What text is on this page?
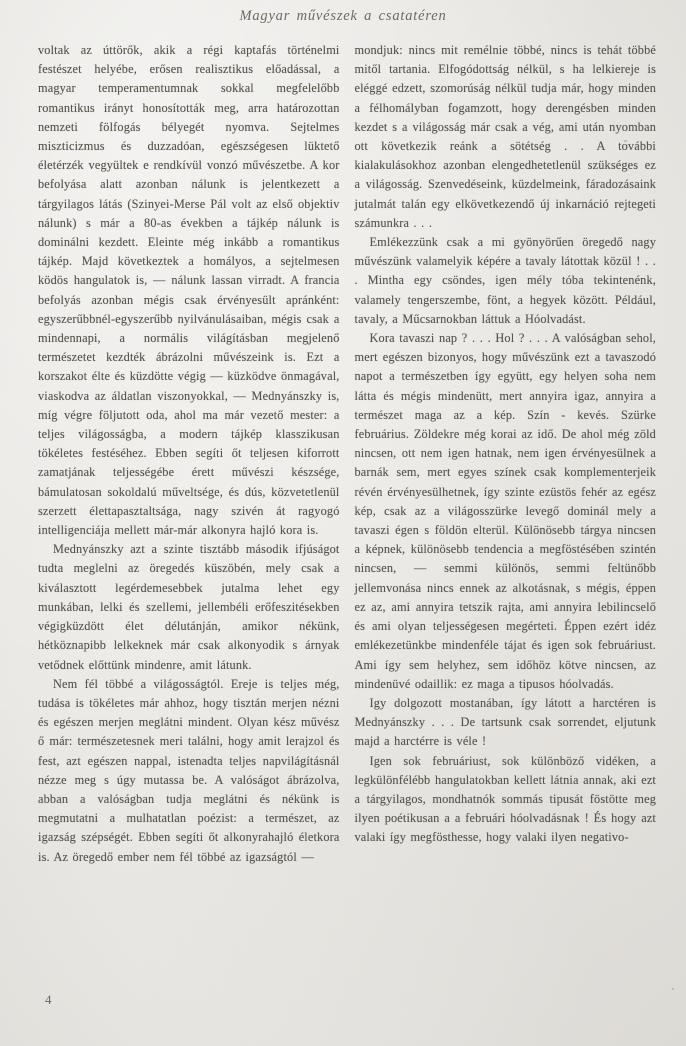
Magyar művészek a csatatéren

voltak az úttörők, akik a régi kaptafás történelmi festészet helyébe, erősen realisztikus előadással, a magyar temperamentumnak sokkal megfelelőbb romantikus irányt honosították meg, arra határozottan nemzeti fölfogás bélyegét nyomva. Sejtelmes miszticizmus és duzzadóan, egészségesen lüktető életérzék vegyültek e rendkívül vonzó művészetbe. A kor befolyása alatt azonban nálunk is jelentkezett a tárgyilagos látás (Szinyei-Merse Pál volt az első objektiv nálunk) s már a 80-as években a tájkép nálunk is dominálni kezdett. Eleinte még inkább a romantikus tájkép. Majd következtek a homályos, a sejtelmesen ködös hangulatok is, — nálunk lassan virradt. A francia befolyás azonban mégis csak érvényesült apránként: egyszerűbbnél-egyszerűbb nyilvánulásaiban, mégis csak a mindennapi, a normális világításban megjelenő természetet kezdték ábrázolni művészeink is. Ezt a korszakot élte és küzdötte végig — küzködve önmagával, viaskodva az áldatlan viszonyokkal, — Mednyánszky is, míg végre följutott oda, ahol ma már vezető mester: a teljes világosságba, a modern tájkép klasszikusan tökéletes festéséhez. Ebben segíti őt teljesen kiforrott zamatjának teljességébe érett művészi készsége, bámulatosan sokoldalú műveltsége, és dús, közvetetlenül szerzett élettapasztaltsága, nagy szivén át ragyogó intelligenciája mellett már-már alkonyra hajló kora is.

Mednyánszky azt a szinte tisztább második ifjúságot tudta meglelni az öregedés küszöbén, mely csak a kiválasztott legérdemesebbek jutalma lehet egy munkában, lelki és szellemi, jellembéli erőfeszitésekben végigküzdött élet délutánján, amikor nékünk, hétköznapibb lelkeknek már csak alkonyodik s árnyak vetődnek előttünk mindenre, amit látunk.

Nem fél többé a világosságtól. Ereje is teljes még, tudása is tökéletes már ahhoz, hogy tisztán merjen nézni és egészen merjen meglátni mindent. Olyan kész művész ő már: természetesnek meri találni, hogy amit lerajzol és fest, azt egészen nappal, istenadta teljes napvilágításnál nézze meg s úgy mutassa be. A valóságot ábrázolva, abban a valóságban tudja meglátni és nékünk is megmutatni a mulhatatlan poézist: a természet, az igazság szépségét. Ebben segíti őt alkonyrahajló életkora is. Az öregedő ember nem fél többé az igazságtól —

mondjuk: nincs mit remélnie többé, nincs is tehát többé mitől tartania. Elfogódottság nélkül, s ha lelkiereje is eléggé edzett, szomorúság nélkül tudja már, hogy minden a félhomályban fogamzott, hogy derengésben minden kezdet s a világosság már csak a vég, ami után nyomban ott következik reánk a sötétség . . A további kialakulásokhoz azonban elengedhetetlenül szükséges ez a világosság. Szenvedéseink, küzdelmeink, fáradozásaink jutalmát talán egy elkövetkezendő új inkarnáció rejtegeti számunkra . . .

Emlékezzünk csak a mi gyönyörűen öregedő nagy művészünk valamelyik képére a tavaly látottak közül ! . . . Mintha egy csöndes, igen mély tóba tekintenénk, valamely tengerszembe, fönt, a hegyek között. Például, tavaly, a Műcsarnokban láttuk a Hóolvadást.

Kora tavaszi nap ? . . . Hol ? . . . A valóságban sehol, mert egészen bizonyos, hogy művészünk ezt a tavaszodó napot a természetben így együtt, egy helyen soha nem látta és mégis mindenütt, mert annyira igaz, annyira a természet maga az a kép. Szín - kevés. Szürke februárius. Zöldekre még korai az idő. De ahol még zöld nincsen, ott nem igen hatnak, nem igen érvényesülnek a barnák sem, mert egyes színek csak komplementerjeik révén érvényesülhetnek, így szinte ezüstös fehér az egész kép, csak az a világosszürke levegő dominál mely a tavaszi égen s földön elterül. Különösebb tárgya nincsen a képnek, különösebb tendencia a megföstésében szintén nincsen, — semmi különös, semmi feltünőbb jellemvonása nincs ennek az alkotásnak, s mégis, éppen ez az, ami annyira tetszik rajta, ami annyira lebilincselő és ami olyan teljességesen megérteti. Éppen ezért idéz emlékezetünkbe mindenféle tájat és igen sok februáriust. Ami így sem helyhez, sem időhöz kötve nincsen, az mindenüvé odaillik: ez maga a tipusos hóolvadás.

Igy dolgozott mostanában, így látott a harctéren is Mednyánszky . . . De tartsunk csak sorrendet, eljutunk majd a harctérre is véle !

Igen sok februáriust, sok különböző vidéken, a legkülönfélébb hangulatokban kellett látnia annak, aki ezt a tárgyilagos, mondhatnók sommás tipusát föstötte meg ilyen poétikusan a a februári hóolvadásnak ! És hogy azt valaki így megfösthesse, hogy valaki ilyen negativo-

4
